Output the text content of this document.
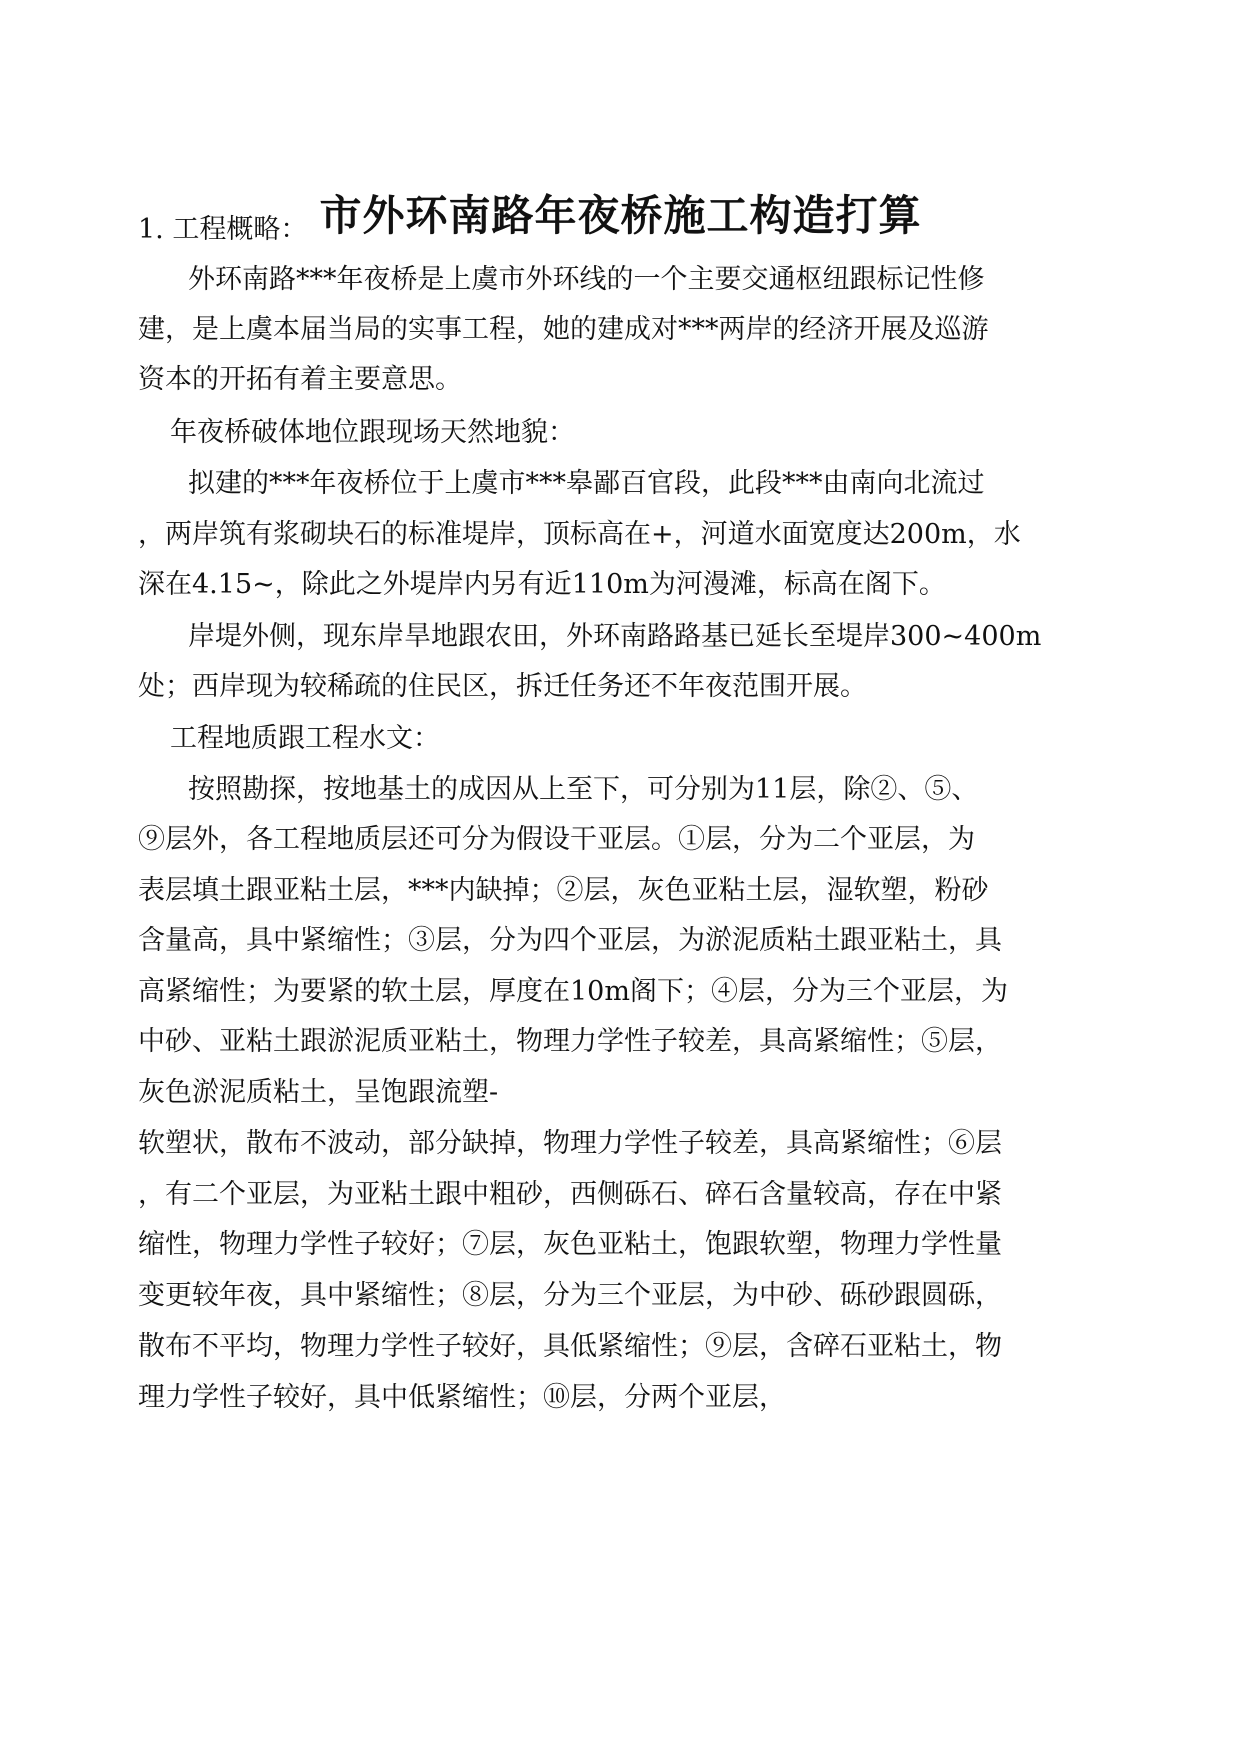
市外环南路年夜桥施工构造打算

1. 工程概略：

外环南路***年夜桥是上虞市外环线的一个主要交通枢纽跟标记性修

建，是上虞本届当局的实事工程，她的建成对***两岸的经济开展及巡游

资本的开拓有着主要意思。

年夜桥破体地位跟现场天然地貌：

拟建的***年夜桥位于上虞市***皋鄙百官段，此段***由南向北流过

，两岸筑有浆砌块石的标准堤岸，顶标高在+，河道水面宽度达200m，水

深在4.15~，除此之外堤岸内另有近110m为河漫滩，标高在阁下。

岸堤外侧，现东岸旱地跟农田，外环南路路基已延长至堤岸300~400m

处；西岸现为较稀疏的住民区，拆迁任务还不年夜范围开展。

工程地质跟工程水文：

按照勘探，按地基土的成因从上至下，可分别为11层，除②、⑤、

⑨层外，各工程地质层还可分为假设干亚层。①层，分为二个亚层，为

表层填土跟亚粘土层，***内缺掉；②层，灰色亚粘土层，湿软塑，粉砂

含量高，具中紧缩性；③层，分为四个亚层，为淤泥质粘土跟亚粘土，具

高紧缩性；为要紧的软土层，厚度在10m阁下；④层，分为三个亚层，为

中砂、亚粘土跟淤泥质亚粘土，物理力学性子较差，具高紧缩性；⑤层，

灰色淤泥质粘土，呈饱跟流塑-

软塑状，散布不波动，部分缺掉，物理力学性子较差，具高紧缩性；⑥层

，有二个亚层，为亚粘土跟中粗砂，西侧砾石、碎石含量较高，存在中紧

缩性，物理力学性子较好；⑦层，灰色亚粘土，饱跟软塑，物理力学性量

变更较年夜，具中紧缩性；⑧层，分为三个亚层，为中砂、砾砂跟圆砾，

散布不平均，物理力学性子较好，具低紧缩性；⑨层，含碎石亚粘土，物

理力学性子较好，具中低紧缩性；⑩层，分两个亚层，
